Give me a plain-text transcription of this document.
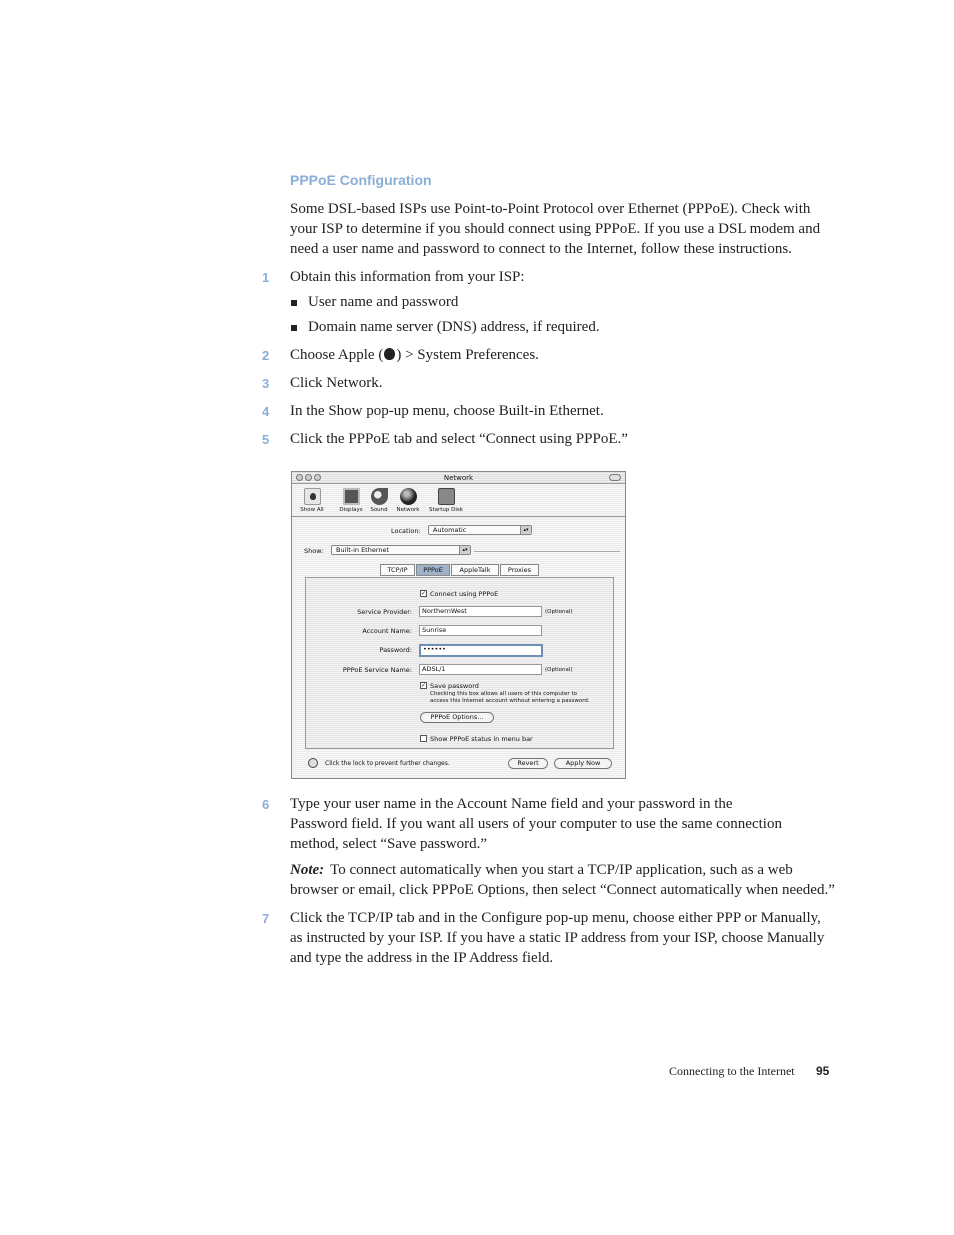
PPPoE Configuration
Some DSL-based ISPs use Point-to-Point Protocol over Ethernet (PPPoE). Check with your ISP to determine if you should connect using PPPoE. If you use a DSL modem and need a user name and password to connect to the Internet, follow these instructions.
1 Obtain this information from your ISP:
User name and password
Domain name server (DNS) address, if required.
2 Choose Apple ( ) > System Preferences.
3 Click Network.
4 In the Show pop-up menu, choose Built-in Ethernet.
5 Click the PPPoE tab and select “Connect using PPPoE.”
Network
Show All	Displays	Sound	Network	Startup Disk
Location:	Automatic	▴▾
Show:	Built-in Ethernet	▴▾
TCP/IP	PPPoE	AppleTalk	Proxies
✓ Connect using PPPoE
Service Provider:	NorthernWest	(Optional)
Account Name:	Sunrise
Password:	••••••
PPPoE Service Name:	ADSL/1	(Optional)
✓ Save password
Checking this box allows all users of this computer to
access this Internet account without entering a password.
PPPoE Options...
Show PPPoE status in menu bar
Click the lock to prevent further changes.	Revert	Apply Now
6 Type your user name in the Account Name field and your password in the Password field. If you want all users of your computer to use the same connection method, select “Save password.”
Note: To connect automatically when you start a TCP/IP application, such as a web browser or email, click PPPoE Options, then select “Connect automatically when needed.”
7 Click the TCP/IP tab and in the Configure pop-up menu, choose either PPP or Manually, as instructed by your ISP. If you have a static IP address from your ISP, choose Manually and type the address in the IP Address field.
Connecting to the Internet 95
